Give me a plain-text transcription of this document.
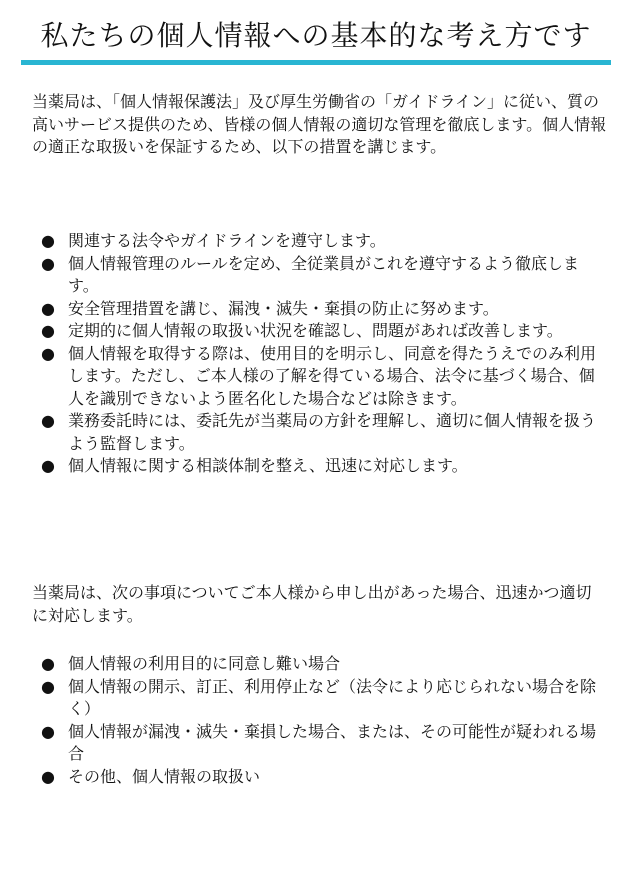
私たちの個人情報への基本的な考え方です

当薬局は、「個人情報保護法」及び厚生労働省の「ガイドライン」に従い、質の高いサービス提供のため、皆様の個人情報の適切な管理を徹底します。個人情報の適正な取扱いを保証するため、以下の措置を講じます。

● 関連する法令やガイドラインを遵守します。
● 個人情報管理のルールを定め、全従業員がこれを遵守するよう徹底します。
● 安全管理措置を講じ、漏洩・滅失・棄損の防止に努めます。
● 定期的に個人情報の取扱い状況を確認し、問題があれば改善します。
● 個人情報を取得する際は、使用目的を明示し、同意を得たうえでのみ利用します。ただし、ご本人様の了解を得ている場合、法令に基づく場合、個人を識別できないよう匿名化した場合などは除きます。
● 業務委託時には、委託先が当薬局の方針を理解し、適切に個人情報を扱うよう監督します。
● 個人情報に関する相談体制を整え、迅速に対応します。

当薬局は、次の事項についてご本人様から申し出があった場合、迅速かつ適切に対応します。

● 個人情報の利用目的に同意し難い場合
● 個人情報の開示、訂正、利用停止など（法令により応じられない場合を除く）
● 個人情報が漏洩・滅失・棄損した場合、または、その可能性が疑われる場合
● その他、個人情報の取扱い
